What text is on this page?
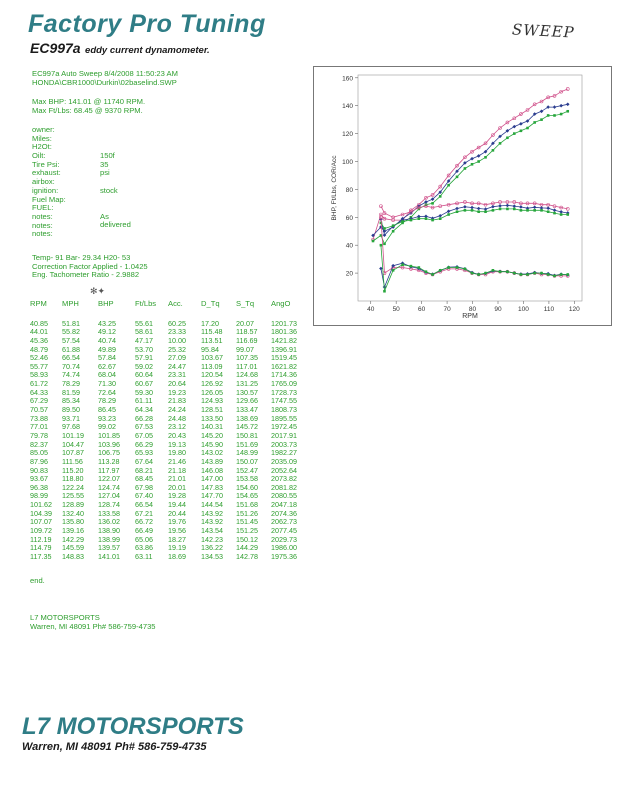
Factory Pro Tuning
EC997a eddy current dynamometer.
SWEEP
EC997a Auto Sweep 8/4/2008 11:50:23 AM
HONDA\CBR1000\Durkin\02baselind.SWP
Max BHP: 141.01 @ 11740 RPM.
Max Ft/Lbs: 68.45 @ 9370 RPM.
owner:
Miles:
H2Ot:
Oilt:	150f
Tire Psi:	35 psi
exhaust:
airbox:
ignition:	stock
Fuel Map:
FUEL:
notes:	As delivered
notes:
notes:
Temp- 91 Bar- 29.34 H20- 53
Correction Factor Applied - 1.0425
Eng. Tachometer Ratio - 2.9882
✻✦
RPM	MPH	BHP	Ft/Lbs	Acc.	D_Tq	S_Tq	AngO
40.85	51.81	43.25	55.61	60.25	17.20	20.07	1201.73
44.01	55.82	49.12	58.61	23.33	115.48	118.57	1801.36
45.36	57.54	40.74	47.17	10.00	113.51	116.69	1421.82
48.79	61.88	49.89	53.70	25.32	95.84	99.07	1396.91
52.46	66.54	57.84	57.91	27.09	103.67	107.35	1519.45
55.77	70.74	62.67	59.02	24.47	113.09	117.01	1621.82
58.93	74.74	68.04	60.64	23.31	120.54	124.68	1714.36
61.72	78.29	71.30	60.67	20.64	126.92	131.25	1765.09
64.33	81.59	72.64	59.30	19.23	126.05	130.57	1728.73
67.29	85.34	78.29	61.11	21.83	124.93	129.66	1747.55
70.57	89.50	86.45	64.34	24.24	128.51	133.47	1808.73
73.88	93.71	93.23	66.28	24.48	133.50	138.69	1895.55
77.01	97.68	99.02	67.53	23.12	140.31	145.72	1972.45
79.78	101.19	101.85	67.05	20.43	145.20	150.81	2017.91
82.37	104.47	103.96	66.29	19.13	145.90	151.69	2003.73
85.05	107.87	106.75	65.93	19.80	143.02	148.99	1982.27
87.96	111.56	113.28	67.64	21.46	143.89	150.07	2035.09
90.83	115.20	117.97	68.21	21.18	146.08	152.47	2052.64
93.67	118.80	122.07	68.45	21.01	147.00	153.58	2073.82
96.38	122.24	124.74	67.98	20.01	147.83	154.60	2081.82
98.99	125.55	127.04	67.40	19.28	147.70	154.65	2080.55
101.62	128.89	128.74	66.54	19.44	144.54	151.68	2047.18
104.39	132.40	133.58	67.21	20.44	143.92	151.26	2074.36
107.07	135.80	136.02	66.72	19.76	143.92	151.45	2062.73
109.72	139.16	138.90	66.49	19.56	143.54	151.25	2077.45
112.19	142.29	138.99	65.06	18.27	142.23	150.12	2029.73
114.79	145.59	139.57	63.86	19.19	136.22	144.29	1986.00
117.35	148.83	141.01	63.11	18.69	134.53	142.78	1975.36
end.
L7 MOTORSPORTS
Warren, MI 48091 Ph# 586-759-4735
L7 MOTORSPORTS
Warren, MI 48091 Ph# 586-759-4735
20
40
60
80
100
120
140
160
40	50	60	70	80	90	100 110 120
RPM
BHP, Ft/Lbs, COR/Acc
